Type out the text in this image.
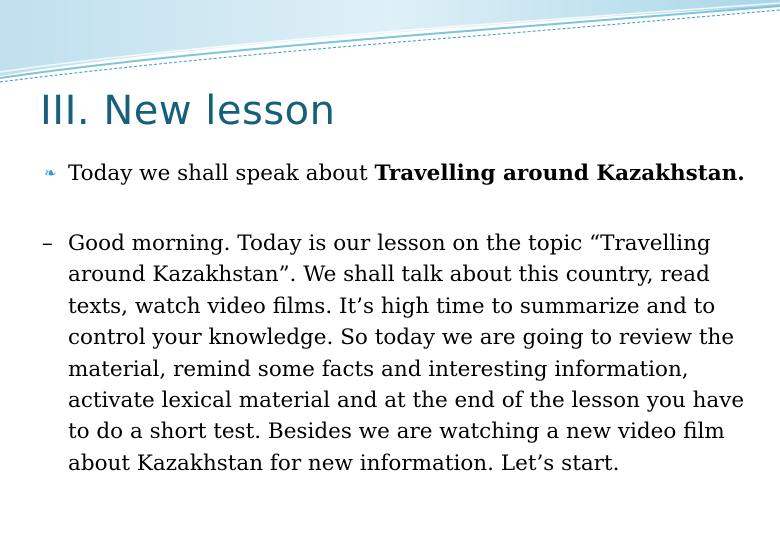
III. New lesson
❧ Today we shall speak about Travelling around Kazakhstan.
– Good morning. Today is our lesson on the topic “Travelling around Kazakhstan”. We shall talk about this country, read texts, watch video films. It’s high time to summarize and to control your knowledge. So today we are going to review the material, remind some facts and interesting information, activate lexical material and at the end of the lesson you have to do a short test. Besides we are watching a new video film about Kazakhstan for new information. Let’s start.
